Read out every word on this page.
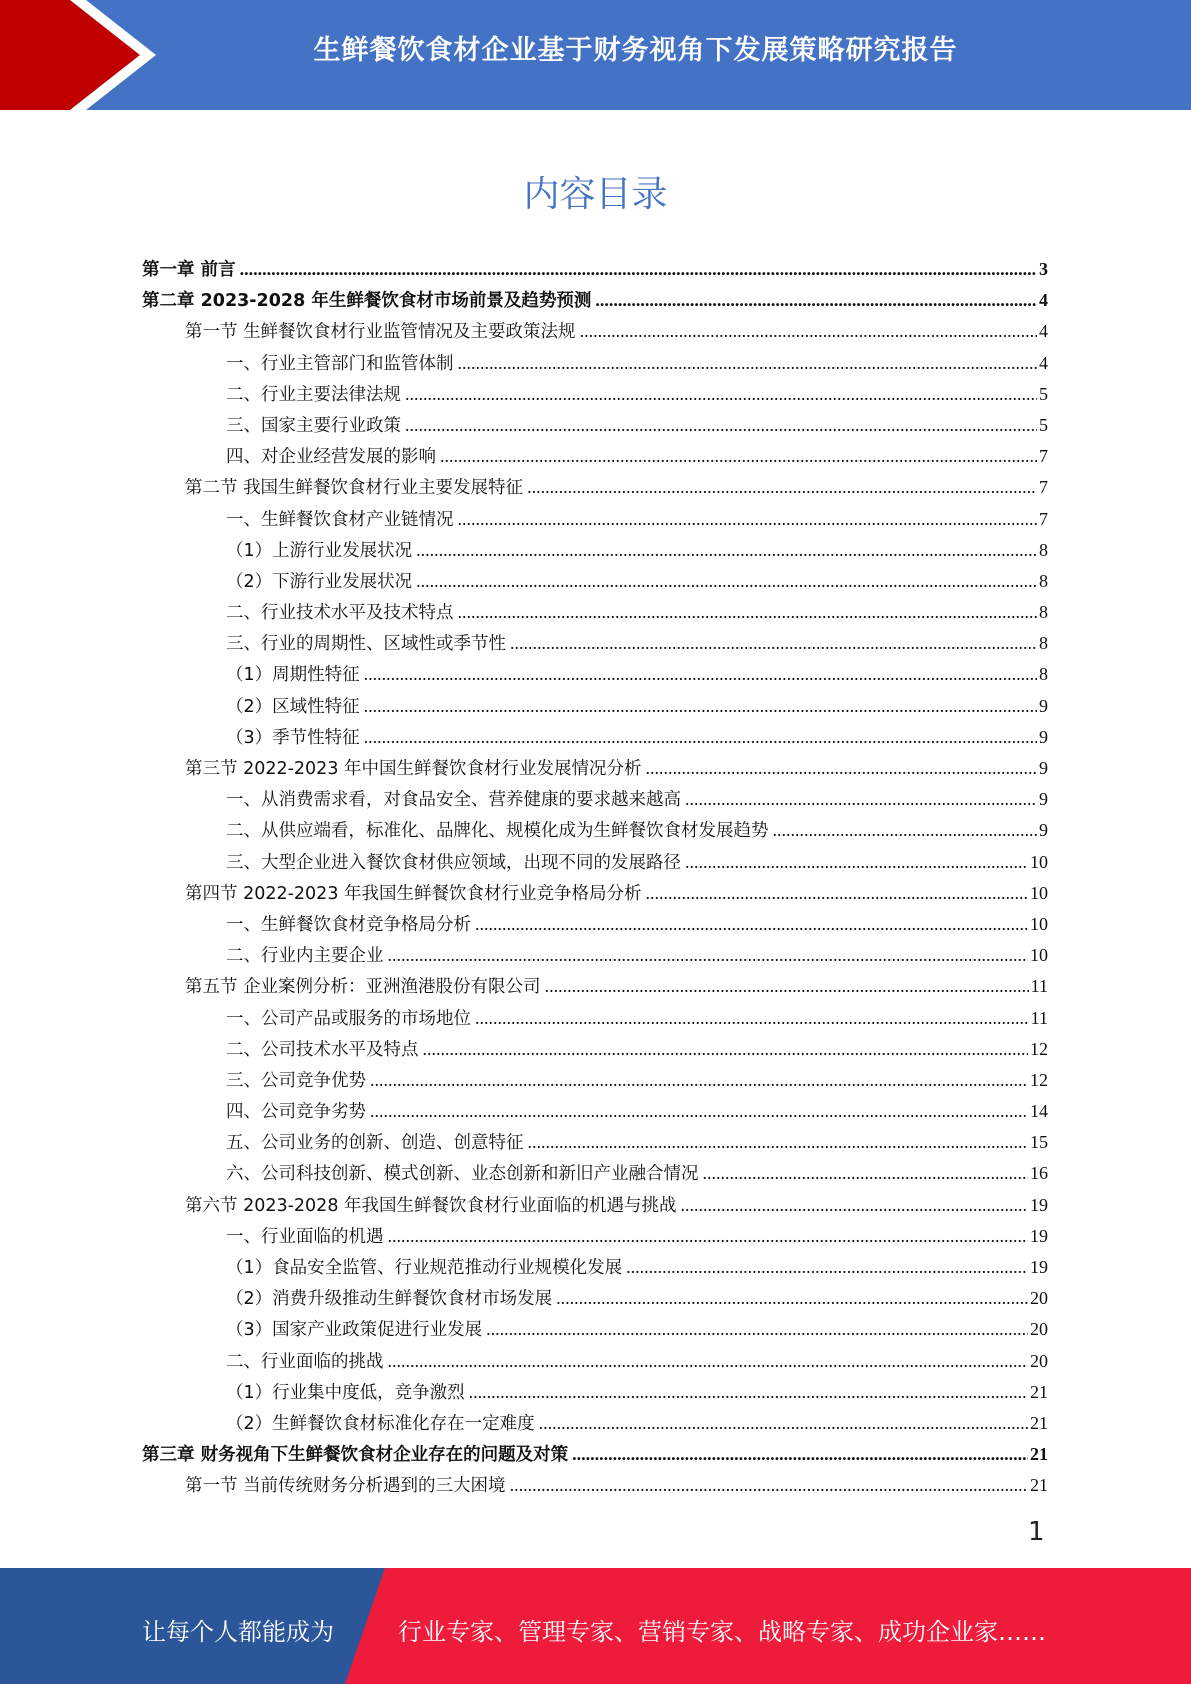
生鲜餐饮食材企业基于财务视角下发展策略研究报告
内容目录
第一章 前言 .....	3
第二章 2023-2028 年生鲜餐饮食材市场前景及趋势预测 .....	4
第一节 生鲜餐饮食材行业监管情况及主要政策法规 .....	4
一、行业主管部门和监管体制 .....	4
二、行业主要法律法规 .....	5
三、国家主要行业政策 .....	5
四、对企业经营发展的影响 .....	7
第二节 我国生鲜餐饮食材行业主要发展特征 .....	7
一、生鲜餐饮食材产业链情况 .....	7
（1）上游行业发展状况 .....	8
（2）下游行业发展状况 .....	8
二、行业技术水平及技术特点 .....	8
三、行业的周期性、区域性或季节性 .....	8
（1）周期性特征 .....	8
（2）区域性特征 .....	9
（3）季节性特征 .....	9
第三节 2022-2023 年中国生鲜餐饮食材行业发展情况分析 .....	9
一、从消费需求看，对食品安全、营养健康的要求越来越高 .....	9
二、从供应端看，标准化、品牌化、规模化成为生鲜餐饮食材发展趋势 .....	9
三、大型企业进入餐饮食材供应领域，出现不同的发展路径 .....	10
第四节 2022-2023 年我国生鲜餐饮食材行业竞争格局分析 .....	10
一、生鲜餐饮食材竞争格局分析 .....	10
二、行业内主要企业 .....	10
第五节 企业案例分析：亚洲渔港股份有限公司 .....	11
一、公司产品或服务的市场地位 .....	11
二、公司技术水平及特点 .....	12
三、公司竞争优势 .....	12
四、公司竞争劣势 .....	14
五、公司业务的创新、创造、创意特征 .....	15
六、公司科技创新、模式创新、业态创新和新旧产业融合情况 .....	16
第六节 2023-2028 年我国生鲜餐饮食材行业面临的机遇与挑战 .....	19
一、行业面临的机遇 .....	19
（1）食品安全监管、行业规范推动行业规模化发展 .....	19
（2）消费升级推动生鲜餐饮食材市场发展 .....	20
（3）国家产业政策促进行业发展 .....	20
二、行业面临的挑战 .....	20
（1）行业集中度低，竞争激烈 .....	21
（2）生鲜餐饮食材标准化存在一定难度 .....	21
第三章 财务视角下生鲜餐饮食材企业存在的问题及对策 .....	21
第一节 当前传统财务分析遇到的三大困境 .....	21
1
让每个人都能成为	行业专家、管理专家、营销专家、战略专家、成功企业家……
